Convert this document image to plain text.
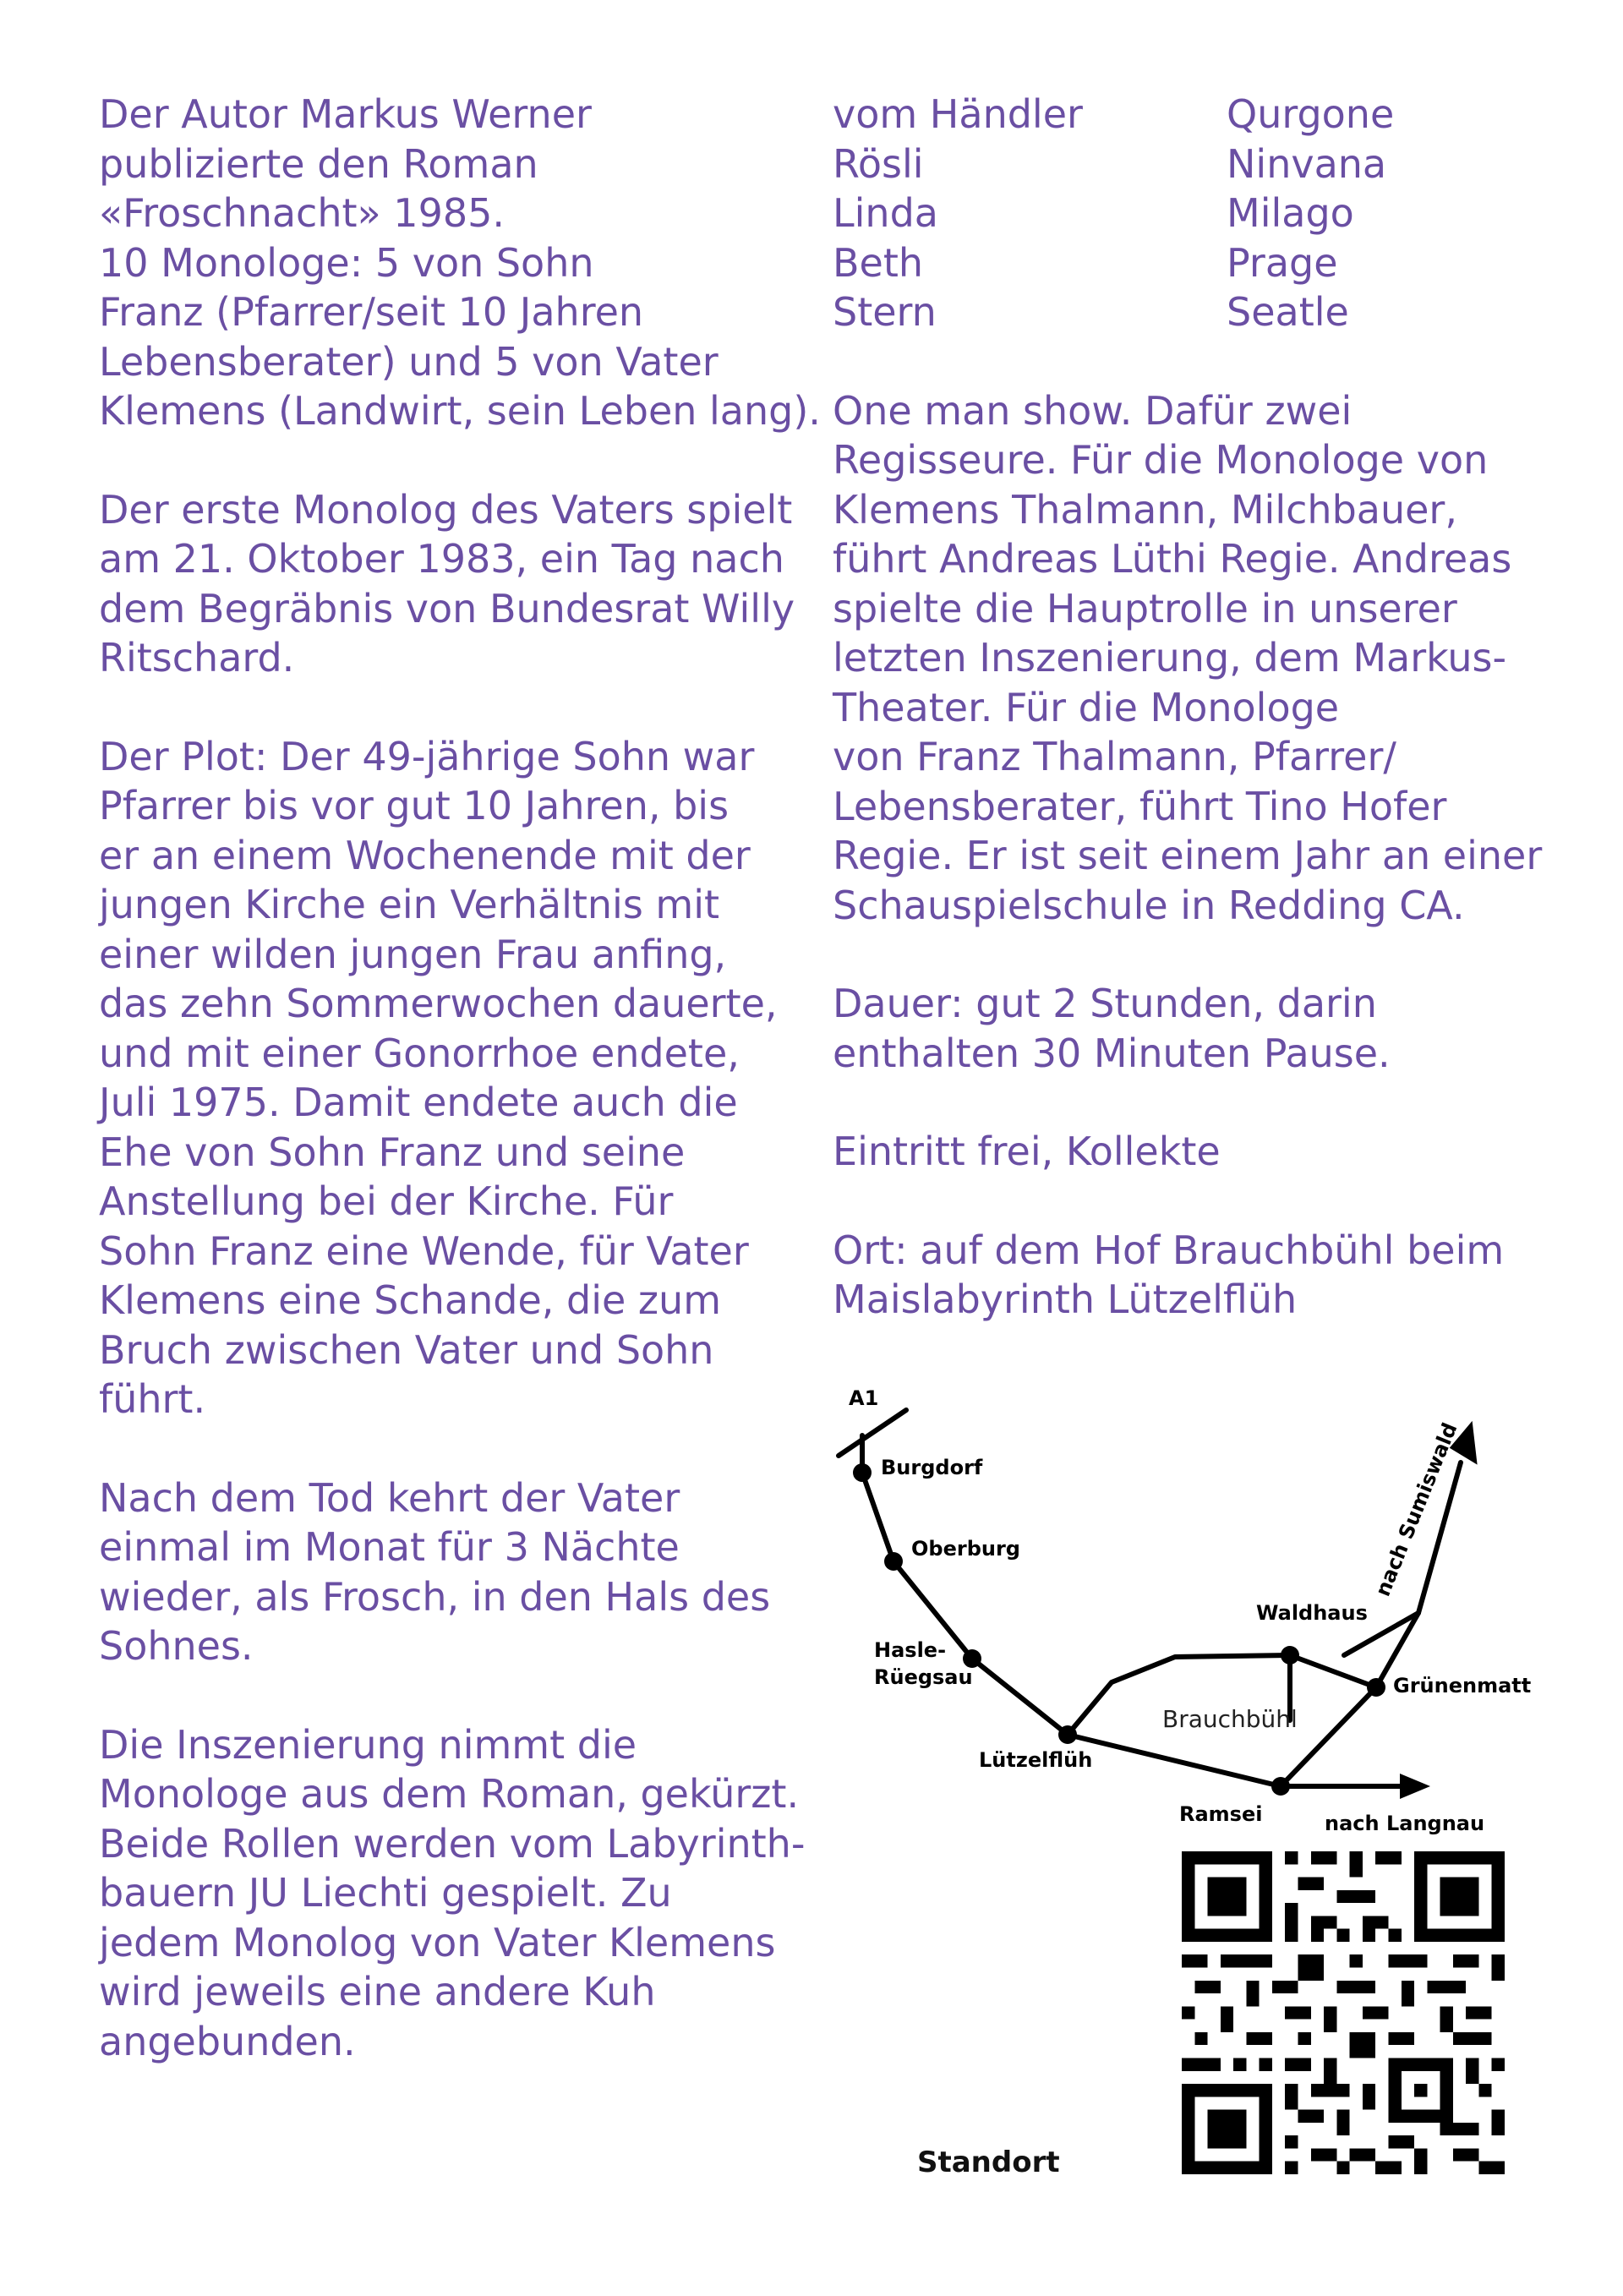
Der Autor Markus Werner
publizierte den Roman
«Froschnacht» 1985.
10 Monologe: 5 von Sohn
Franz (Pfarrer/seit 10 Jahren
Lebensberater) und 5 von Vater
Klemens (Landwirt, sein Leben lang).

Der erste Monolog des Vaters spielt
am 21. Oktober 1983, ein Tag nach
dem Begräbnis von Bundesrat Willy
Ritschard.

Der Plot: Der 49-jährige Sohn war
Pfarrer bis vor gut 10 Jahren, bis
er an einem Wochenende mit der
jungen Kirche ein Verhältnis mit
einer wilden jungen Frau anfing,
das zehn Sommerwochen dauerte,
und mit einer Gonorrhoe endete,
Juli 1975. Damit endete auch die
Ehe von Sohn Franz und seine
Anstellung bei der Kirche. Für
Sohn Franz eine Wende, für Vater
Klemens eine Schande, die zum
Bruch zwischen Vater und Sohn
führt.

Nach dem Tod kehrt der Vater
einmal im Monat für 3 Nächte
wieder, als Frosch, in den Hals des
Sohnes.

Die Inszenierung nimmt die
Monologe aus dem Roman, gekürzt.
Beide Rollen werden vom Labyrinth-
bauern JU Liechti gespielt. Zu
jedem Monolog von Vater Klemens
wird jeweils eine andere Kuh
angebunden.

vom Händler
Rösli
Linda
Beth
Stern
Qurgone
Ninvana
Milago
Prage
Seatle

One man show. Dafür zwei
Regisseure. Für die Monologe von
Klemens Thalmann, Milchbauer,
führt Andreas Lüthi Regie. Andreas
spielte die Hauptrolle in unserer
letzten Inszenierung, dem Markus-
Theater. Für die Monologe
von Franz Thalmann, Pfarrer/
Lebensberater, führt Tino Hofer
Regie. Er ist seit einem Jahr an einer
Schauspielschule in Redding CA.

Dauer: gut 2 Stunden, darin
enthalten 30 Minuten Pause.

Eintritt frei, Kollekte

Ort: auf dem Hof Brauchbühl beim
Maislabyrinth Lützelflüh

A1
Burgdorf
Oberburg
Hasle-
Rüegsau
Lützelflüh
Ramsei	nach Langnau
Waldhaus
Grünenmatt
nach Sumiswald
Brauchbühl
Standort
